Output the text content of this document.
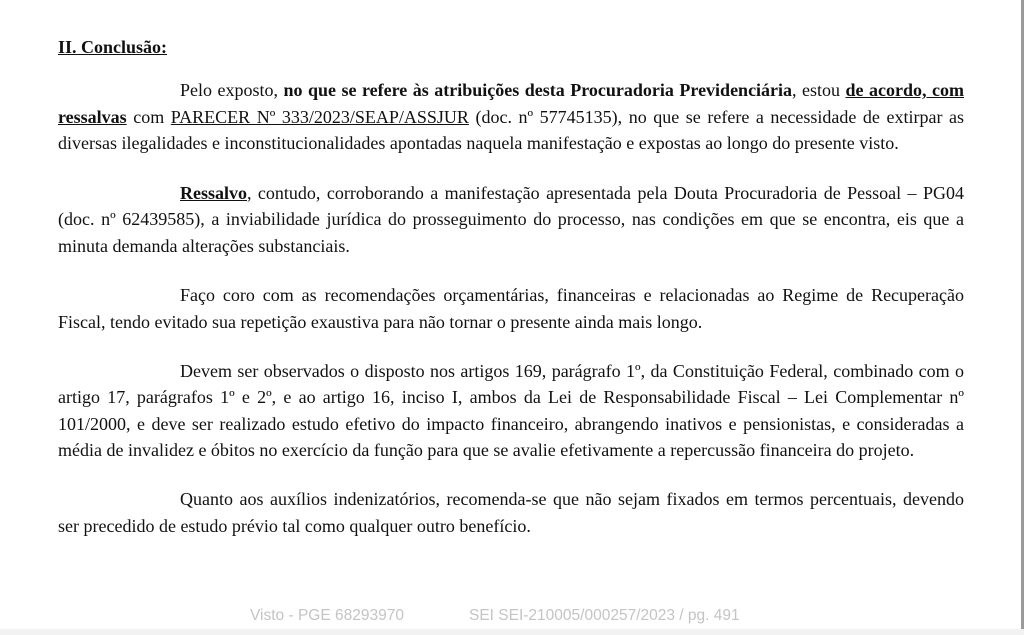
II. Conclusão:

Pelo exposto, no que se refere às atribuições desta Procuradoria Previdenciária, estou de acordo, com ressalvas com PARECER Nº 333/2023/SEAP/ASSJUR (doc. nº 57745135), no que se refere a necessidade de extirpar as diversas ilegalidades e inconstitucionalidades apontadas naquela manifestação e expostas ao longo do presente visto.

Ressalvo, contudo, corroborando a manifestação apresentada pela Douta Procuradoria de Pessoal – PG04 (doc. nº 62439585), a inviabilidade jurídica do prosseguimento do processo, nas condições em que se encontra, eis que a minuta demanda alterações substanciais.

Faço coro com as recomendações orçamentárias, financeiras e relacionadas ao Regime de Recuperação Fiscal, tendo evitado sua repetição exaustiva para não tornar o presente ainda mais longo.

Devem ser observados o disposto nos artigos 169, parágrafo 1º, da Constituição Federal, combinado com o artigo 17, parágrafos 1º e 2º, e ao artigo 16, inciso I, ambos da Lei de Responsabilidade Fiscal – Lei Complementar nº 101/2000, e deve ser realizado estudo efetivo do impacto financeiro, abrangendo inativos e pensionistas, e consideradas a média de invalidez e óbitos no exercício da função para que se avalie efetivamente a repercussão financeira do projeto.

Quanto aos auxílios indenizatórios, recomenda-se que não sejam fixados em termos percentuais, devendo ser precedido de estudo prévio tal como qualquer outro benefício.

Visto - PGE 68293970	SEI SEI-210005/000257/2023 / pg. 491
